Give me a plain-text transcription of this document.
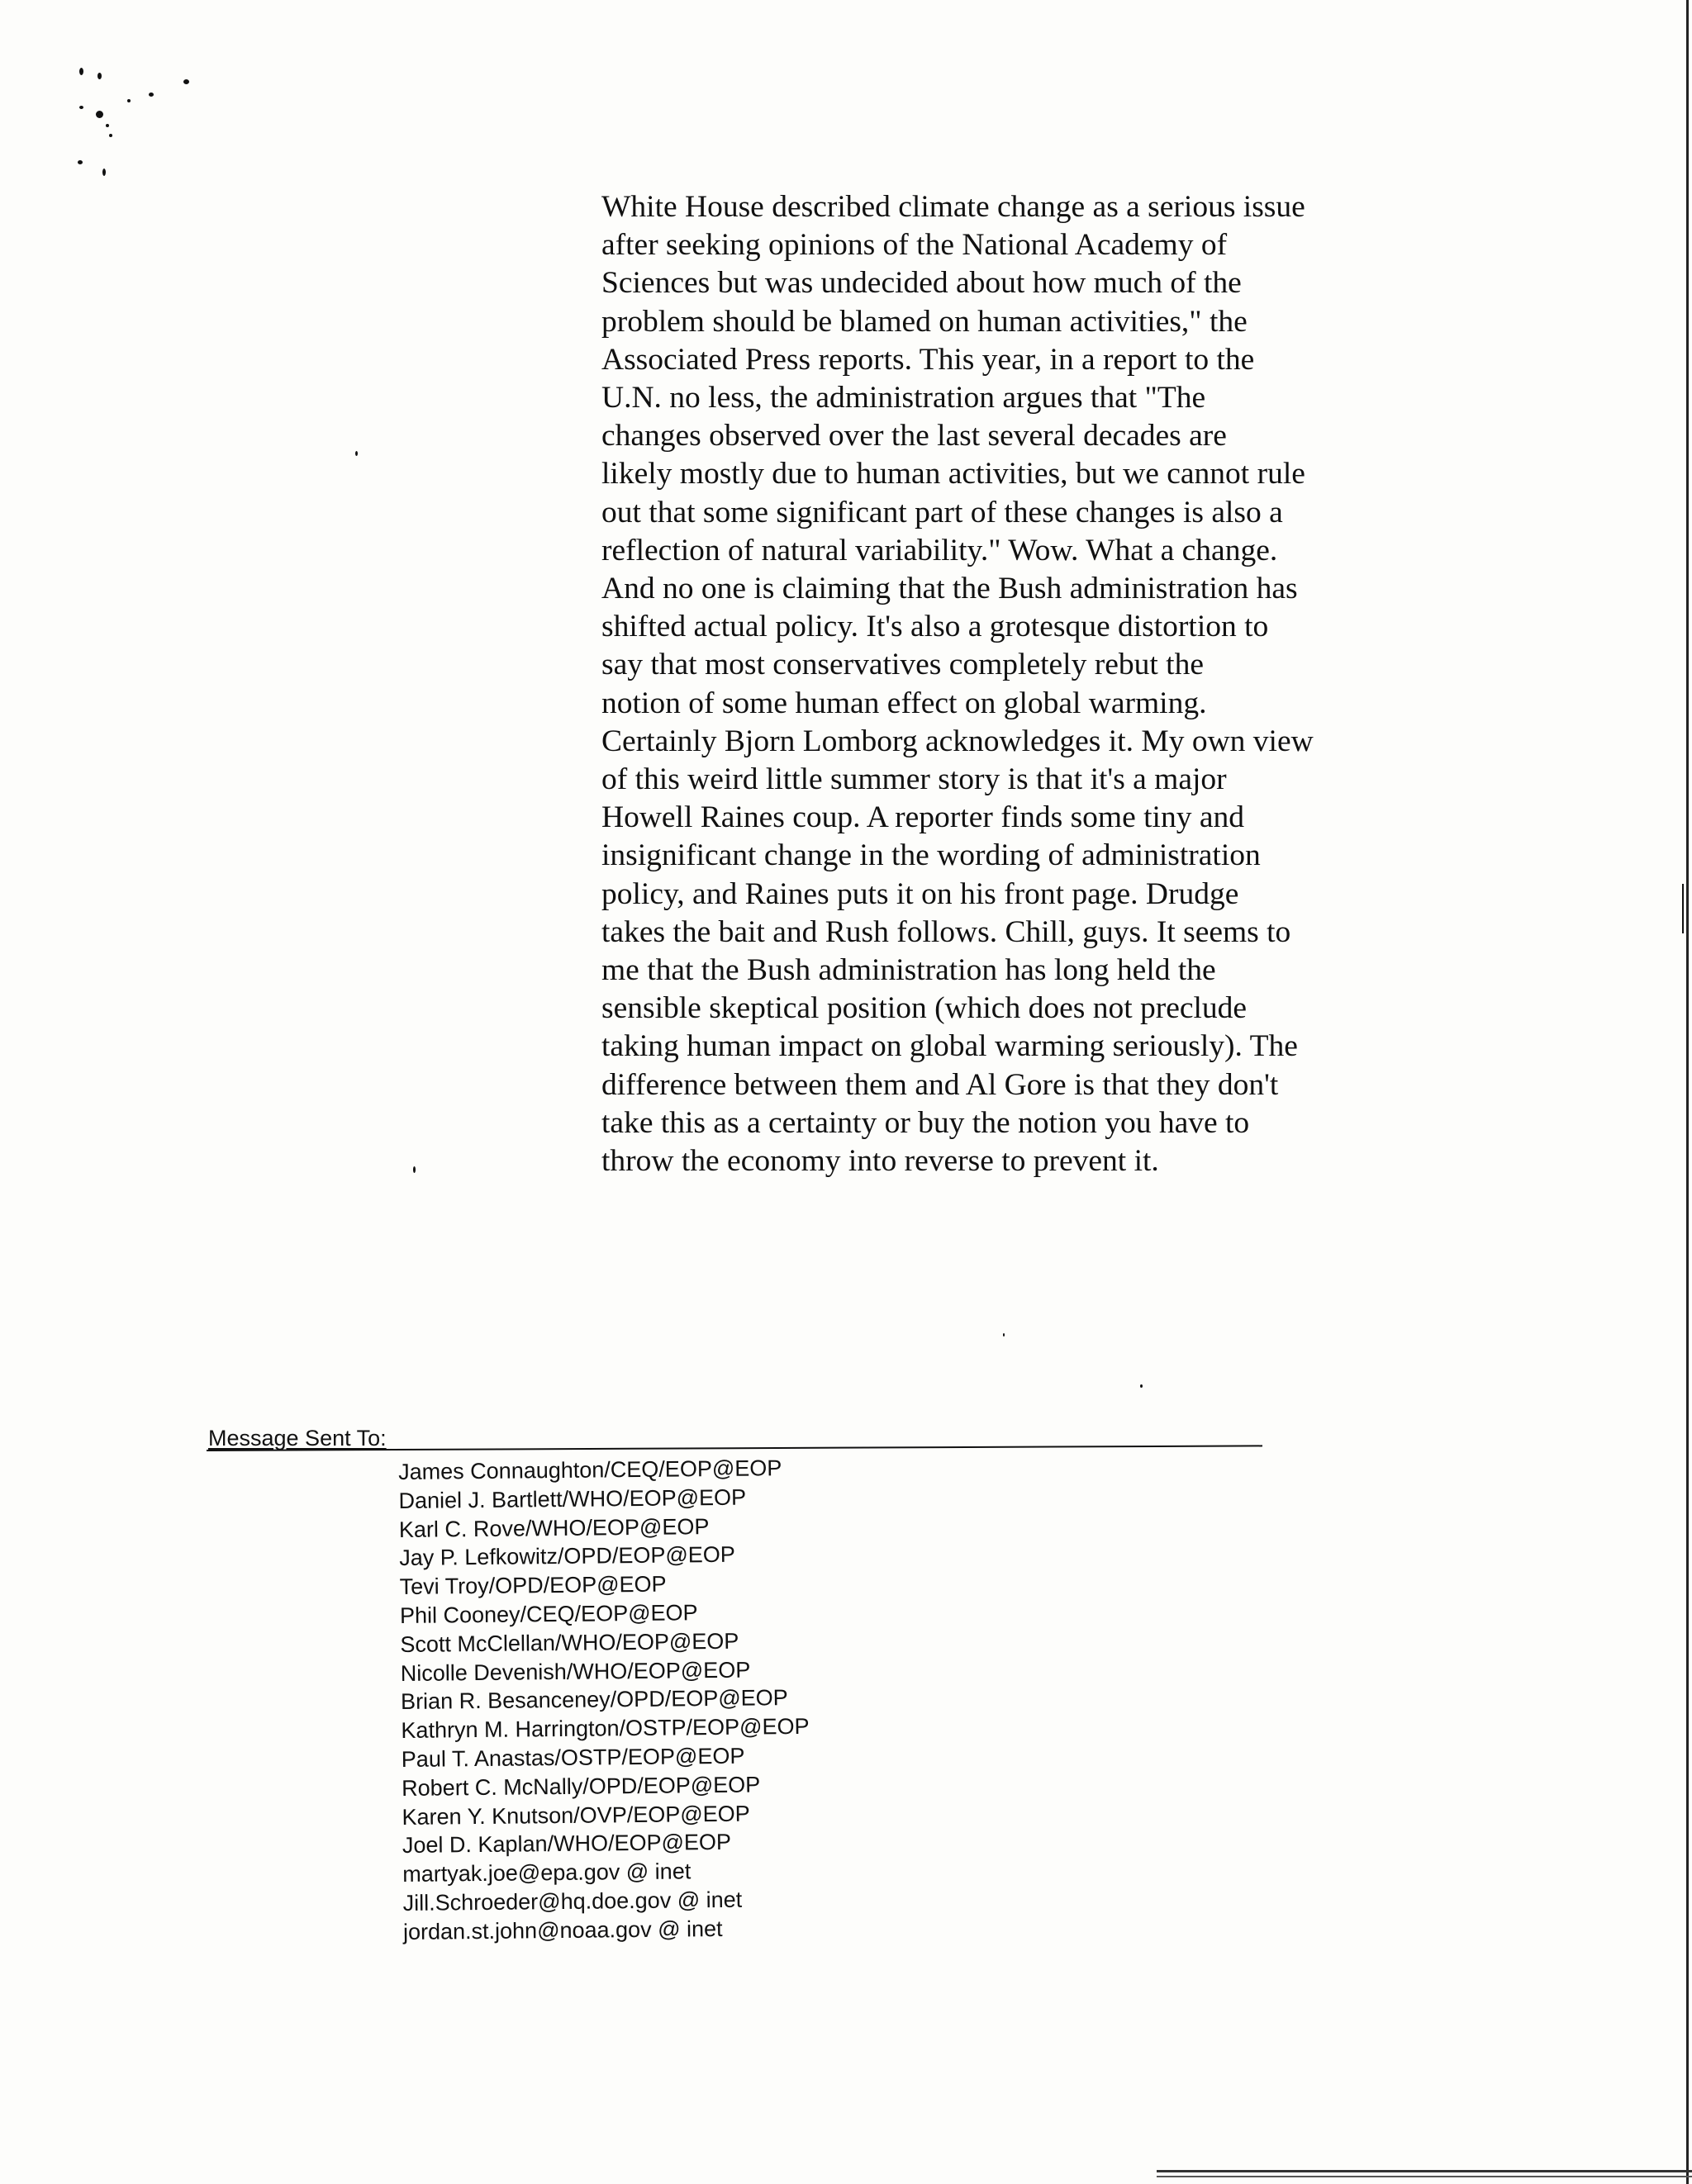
White House described climate change as a serious issue
after seeking opinions of the National Academy of
Sciences but was undecided about how much of the
problem should be blamed on human activities," the
Associated Press reports. This year, in a report to the
U.N. no less, the administration argues that "The
changes observed over the last several decades are
likely mostly due to human activities, but we cannot rule
out that some significant part of these changes is also a
reflection of natural variability." Wow. What a change.
And no one is claiming that the Bush administration has
shifted actual policy. It's also a grotesque distortion to
say that most conservatives completely rebut the
notion of some human effect on global warming.
Certainly Bjorn Lomborg acknowledges it. My own view
of this weird little summer story is that it's a major
Howell Raines coup. A reporter finds some tiny and
insignificant change in the wording of administration
policy, and Raines puts it on his front page. Drudge
takes the bait and Rush follows. Chill, guys. It seems to
me that the Bush administration has long held the
sensible skeptical position (which does not preclude
taking human impact on global warming seriously). The
difference between them and Al Gore is that they don't
take this as a certainty or buy the notion you have to
throw the economy into reverse to prevent it.

Message Sent To:
James Connaughton/CEQ/EOP@EOP
Daniel J. Bartlett/WHO/EOP@EOP
Karl C. Rove/WHO/EOP@EOP
Jay P. Lefkowitz/OPD/EOP@EOP
Tevi Troy/OPD/EOP@EOP
Phil Cooney/CEQ/EOP@EOP
Scott McClellan/WHO/EOP@EOP
Nicolle Devenish/WHO/EOP@EOP
Brian R. Besanceney/OPD/EOP@EOP
Kathryn M. Harrington/OSTP/EOP@EOP
Paul T. Anastas/OSTP/EOP@EOP
Robert C. McNally/OPD/EOP@EOP
Karen Y. Knutson/OVP/EOP@EOP
Joel D. Kaplan/WHO/EOP@EOP
martyak.joe@epa.gov @ inet
Jill.Schroeder@hq.doe.gov @ inet
jordan.st.john@noaa.gov @ inet
